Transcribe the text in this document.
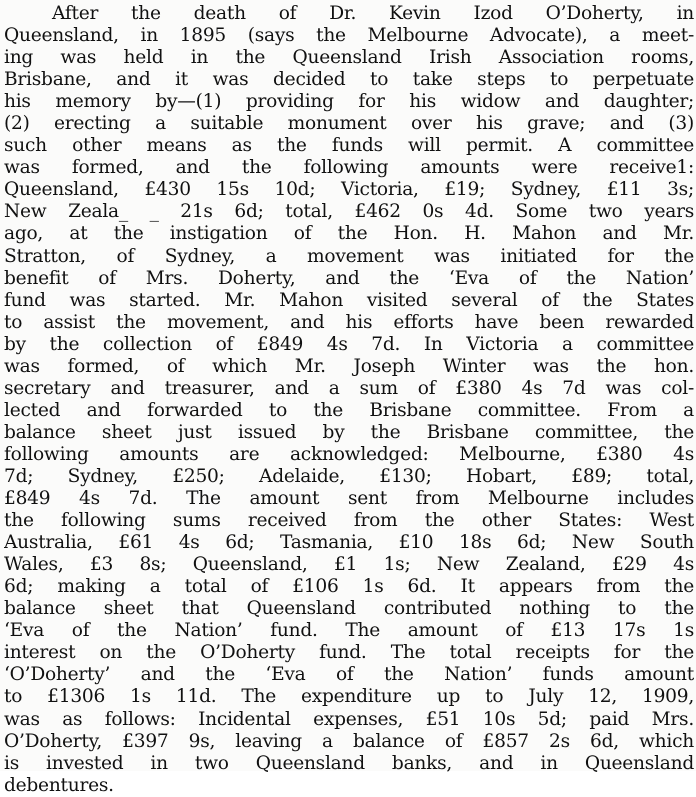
After the death of Dr. Kevin Izod O’Doherty, in
Queensland, in 1895 (says the Melbourne Advocate), a meet-
ing was held in the Queensland Irish Association rooms,
Brisbane, and it was decided to take steps to perpetuate
his memory by—(1) providing for his widow and daughter;
(2) erecting a suitable monument over his grave; and (3)
such other means as the funds will permit. A committee
was formed, and the following amounts were receive1:
Queensland, £430 15s 10d; Victoria, £19; Sydney, £11 3s;
New Zeala_ _ 21s 6d; total, £462 0s 4d. Some two years
ago, at the instigation of the Hon. H. Mahon and Mr.
Stratton, of Sydney, a movement was initiated for the
benefit of Mrs. Doherty, and the ‘Eva of the Nation’
fund was started. Mr. Mahon visited several of the States
to assist the movement, and his efforts have been rewarded
by the collection of £849 4s 7d. In Victoria a committee
was formed, of which Mr. Joseph Winter was the hon.
secretary and treasurer, and a sum of £380 4s 7d was col-
lected and forwarded to the Brisbane committee. From a
balance sheet just issued by the Brisbane committee, the
following amounts are acknowledged: Melbourne, £380 4s
7d; Sydney, £250; Adelaide, £130; Hobart, £89; total,
£849 4s 7d. The amount sent from Melbourne includes
the following sums received from the other States: West
Australia, £61 4s 6d; Tasmania, £10 18s 6d; New South
Wales, £3 8s; Queensland, £1 1s; New Zealand, £29 4s
6d; making a total of £106 1s 6d. It appears from the
balance sheet that Queensland contributed nothing to the
‘Eva of the Nation’ fund. The amount of £13 17s 1s
interest on the O’Doherty fund. The total receipts for the
‘O’Doherty’ and the ‘Eva of the Nation’ funds amount
to £1306 1s 11d. The expenditure up to July 12, 1909,
was as follows: Incidental expenses, £51 10s 5d; paid Mrs.
O’Doherty, £397 9s, leaving a balance of £857 2s 6d, which
is invested in two Queensland banks, and in Queensland
debentures.
